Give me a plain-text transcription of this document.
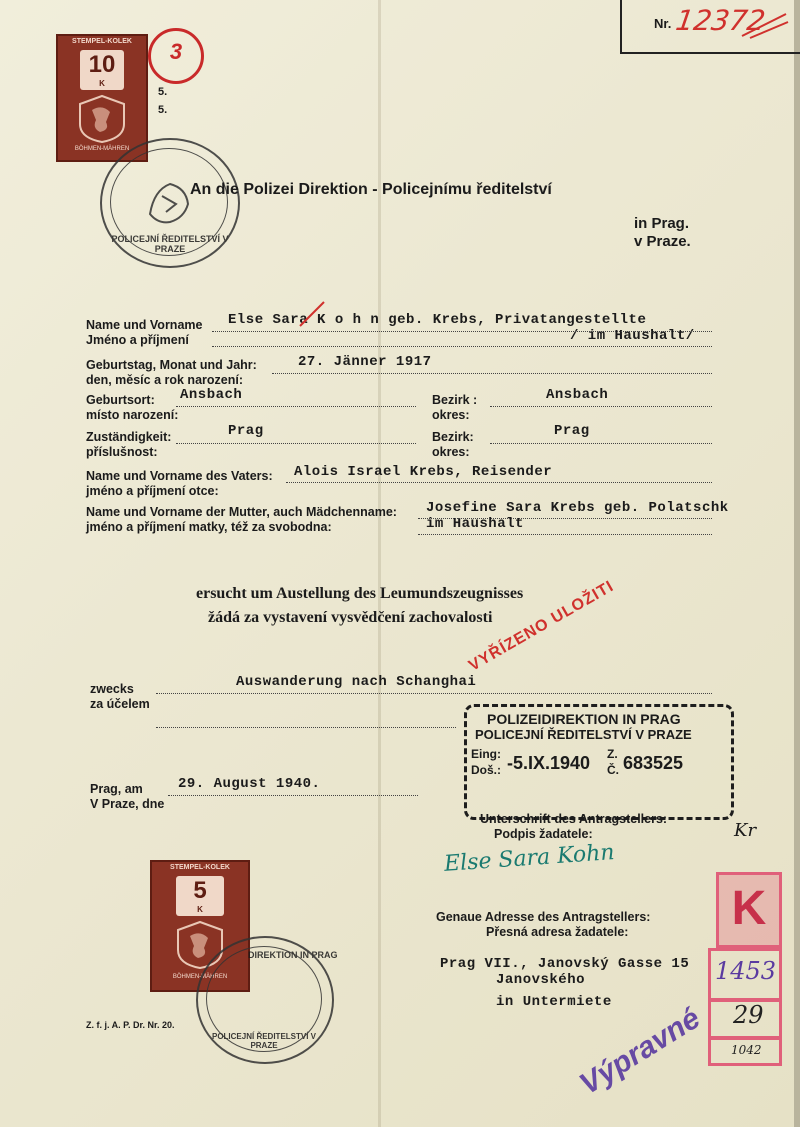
Nr. 12372
3
5.
5.
STEMPEL-KOLEK
10
K
BÖHMEN-MÄHREN
POLICEJNÍ ŘEDITELSTVÍ V PRAZE
An die Polizei Direktion - Policejnímu ředitelství
in Prag.
v Praze.
Name und Vorname
Jméno a příjmení
Else Sara K o h n geb. Krebs, Privatangestellte
/ im Haushalt/
Geburtstag, Monat und Jahr:
den, měsíc a rok narození:
27. Jänner 1917
Geburtsort:
místo narození:
Ansbach	Bezirk :
okres:
Ansbach
Zuständigkeit:
příslušnost:
Prag	Bezirk:
okres:
Prag
Name und Vorname des Vaters:
jméno a příjmení otce:
Alois Israel Krebs, Reisender
Name und Vorname der Mutter, auch Mädchenname:
jméno a příjmení matky, též za svobodna:
Josefine Sara Krebs geb. Polatschk
im Haushalt
ersucht um Austellung des Leumundszeugnisses
žádá za vystavení vysvědčení zachovalosti
zwecks
za účelem
Auswanderung nach Schanghai
Prag, am
V Praze, dne
29. August 1940.
VYŘÍZENO ULOŽITI
POLIZEIDIREKTION IN PRAG
POLICEJNÍ ŘEDITELSTVÍ V PRAZE
Eing:
Doš.: -5.IX.1940 Z.
Č. 683525
Unterschrift des Antragstellers:
Podpis žadatele:
Else Sara Kohn
Kr
STEMPEL-KOLEK
5
K
BÖHMEN-MÄHREN
DIREKTION IN PRAG
POLICEJNÍ ŘEDITELSTVÍ V PRAZE
Genaue Adresse des Antragstellers:
Přesná adresa žadatele:
Prag VII., Janovský Gasse 15
Janovského
in Untermiete
Výpravné
K
1453
29
1042
Z. f. j. A. P. Dr. Nr. 20.
